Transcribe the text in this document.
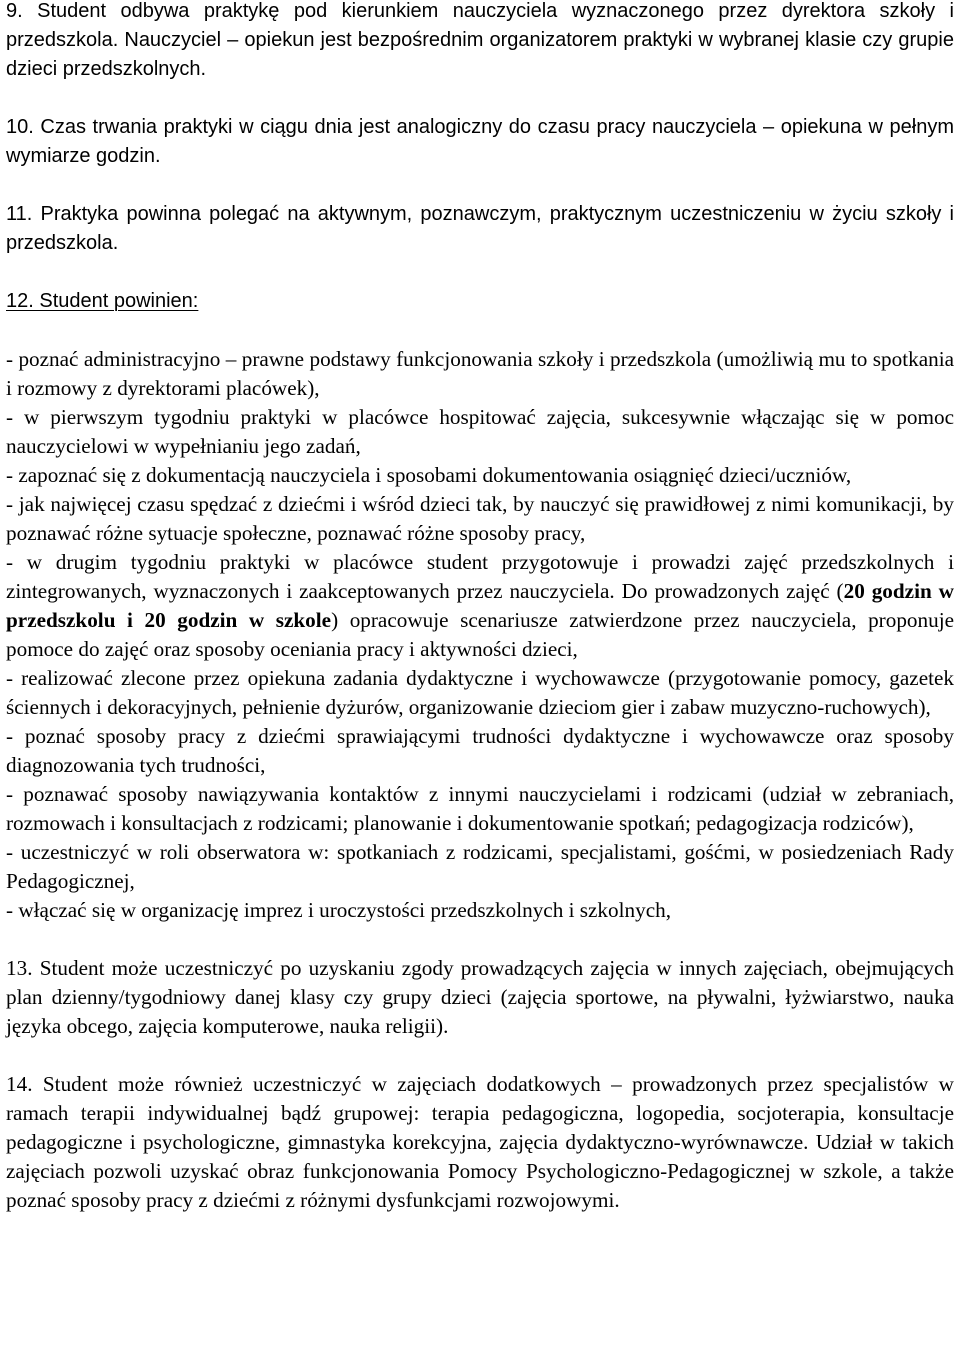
9. Student odbywa praktykę pod kierunkiem nauczyciela wyznaczonego przez dyrektora szkoły i przedszkola. Nauczyciel – opiekun jest bezpośrednim organizatorem praktyki w wybranej klasie czy grupie dzieci przedszkolnych.

10. Czas trwania praktyki w ciągu dnia jest analogiczny do czasu pracy nauczyciela – opiekuna w pełnym wymiarze godzin.

11. Praktyka powinna polegać na aktywnym, poznawczym, praktycznym uczestniczeniu w życiu szkoły i przedszkola.

12. Student powinien:

- poznać administracyjno – prawne podstawy funkcjonowania szkoły i przedszkola (umożliwią mu to spotkania i rozmowy z dyrektorami placówek),

- w pierwszym tygodniu praktyki w placówce hospitować zajęcia, sukcesywnie włączając się w pomoc nauczycielowi w wypełnianiu jego zadań,

- zapoznać się z dokumentacją nauczyciela i sposobami dokumentowania osiągnięć dzieci/uczniów,

- jak najwięcej czasu spędzać z dziećmi i wśród dzieci tak, by nauczyć się prawidłowej z nimi komunikacji, by poznawać różne sytuacje społeczne, poznawać różne sposoby pracy,

- w drugim tygodniu praktyki w placówce student przygotowuje i prowadzi zajęć przedszkolnych i zintegrowanych, wyznaczonych i zaakceptowanych przez nauczyciela. Do prowadzonych zajęć (20 godzin w przedszkolu i 20 godzin w szkole) opracowuje scenariusze zatwierdzone przez nauczyciela, proponuje pomoce do zajęć oraz sposoby oceniania pracy i aktywności dzieci,

- realizować zlecone przez opiekuna zadania dydaktyczne i wychowawcze (przygotowanie pomocy, gazetek ściennych i dekoracyjnych, pełnienie dyżurów, organizowanie dzieciom gier i zabaw muzyczno-ruchowych),

- poznać sposoby pracy z dziećmi sprawiającymi trudności dydaktyczne i wychowawcze oraz sposoby diagnozowania tych trudności,

- poznawać sposoby nawiązywania kontaktów z innymi nauczycielami i rodzicami (udział w zebraniach, rozmowach i konsultacjach z rodzicami; planowanie i dokumentowanie spotkań; pedagogizacja rodziców),

- uczestniczyć w roli obserwatora w: spotkaniach z rodzicami, specjalistami, gośćmi, w posiedzeniach Rady Pedagogicznej,

- włączać się w organizację imprez i uroczystości przedszkolnych i szkolnych,

13. Student może uczestniczyć po uzyskaniu zgody prowadzących zajęcia w innych zajęciach, obejmujących plan dzienny/tygodniowy danej klasy czy grupy dzieci (zajęcia sportowe, na pływalni, łyżwiarstwo, nauka języka obcego, zajęcia komputerowe, nauka religii).

14. Student może również uczestniczyć w zajęciach dodatkowych – prowadzonych przez specjalistów w ramach terapii indywidualnej bądź grupowej: terapia pedagogiczna, logopedia, socjoterapia, konsultacje pedagogiczne i psychologiczne, gimnastyka korekcyjna, zajęcia dydaktyczno-wyrównawcze. Udział w takich zajęciach pozwoli uzyskać obraz funkcjonowania Pomocy Psychologiczno-Pedagogicznej w szkole, a także poznać sposoby pracy z dziećmi z różnymi dysfunkcjami rozwojowymi.
